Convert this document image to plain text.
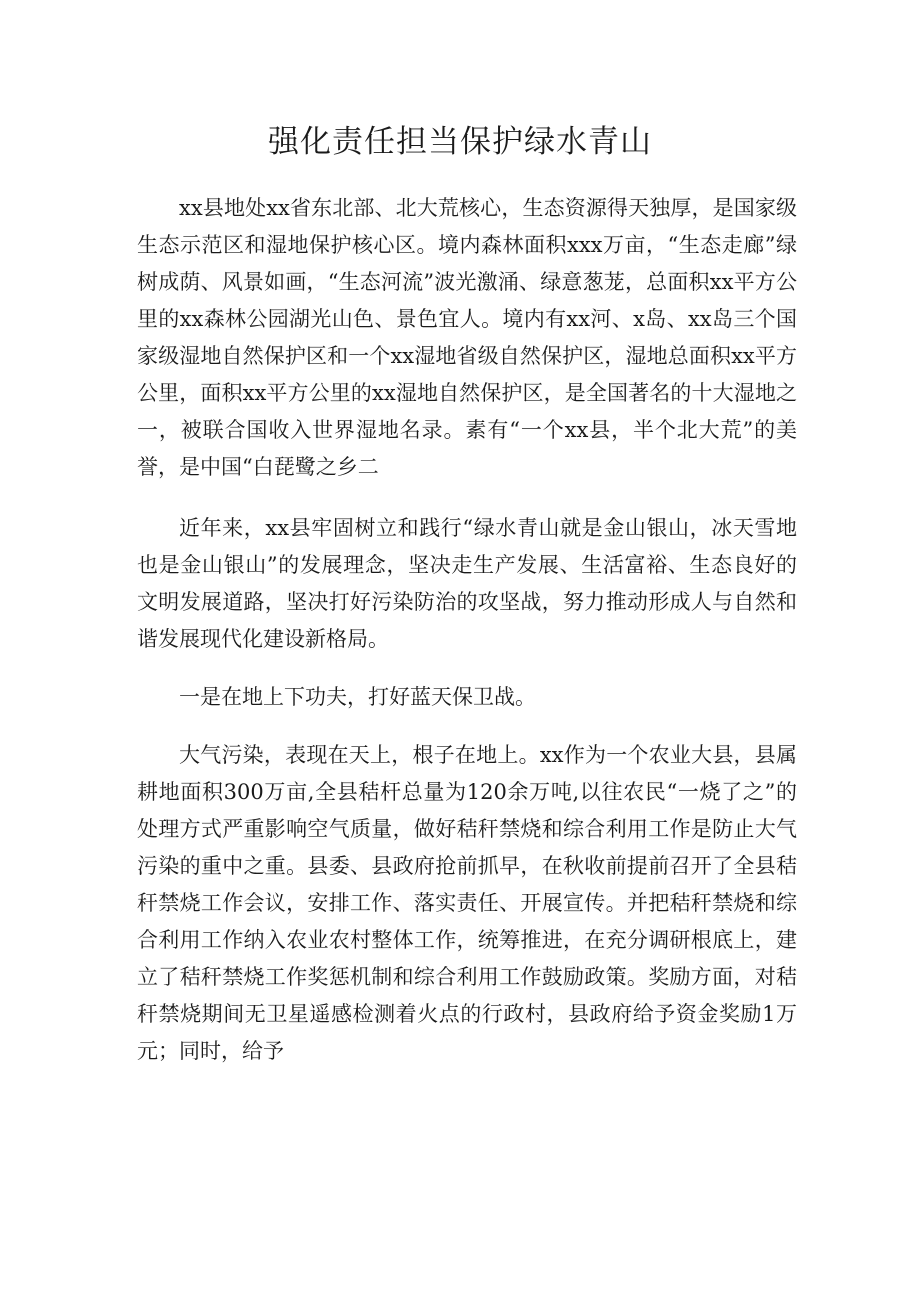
强化责任担当保护绿水青山

xx县地处xx省东北部、北大荒核心，生态资源得天独厚，是国家级生态示范区和湿地保护核心区。境内森林面积xxx万亩，“生态走廊”绿树成荫、风景如画，“生态河流”波光激涌、绿意葱茏，总面积xx平方公里的xx森林公园湖光山色、景色宜人。境内有xx河、x岛、xx岛三个国家级湿地自然保护区和一个xx湿地省级自然保护区，湿地总面积xx平方公里，面积xx平方公里的xx湿地自然保护区，是全国著名的十大湿地之一，被联合国收入世界湿地名录。素有“一个xx县，半个北大荒”的美誉，是中国“白琵鹭之乡二

近年来，xx县牢固树立和践行“绿水青山就是金山银山，冰天雪地也是金山银山”的发展理念，坚决走生产发展、生活富裕、生态良好的文明发展道路，坚决打好污染防治的攻坚战，努力推动形成人与自然和谐发展现代化建设新格局。

一是在地上下功夫，打好蓝天保卫战。

大气污染，表现在天上，根子在地上。xx作为一个农业大县，县属耕地面积300万亩,全县秸杆总量为120余万吨,以往农民“一烧了之”的处理方式严重影响空气质量，做好秸秆禁烧和综合利用工作是防止大气污染的重中之重。县委、县政府抢前抓早，在秋收前提前召开了全县秸秆禁烧工作会议，安排工作、落实责任、开展宣传。并把秸秆禁烧和综合利用工作纳入农业农村整体工作，统筹推进，在充分调研根底上，建立了秸秆禁烧工作奖惩机制和综合利用工作鼓励政策。奖励方面，对秸秆禁烧期间无卫星遥感检测着火点的行政村，县政府给予资金奖励1万元；同时，给予
